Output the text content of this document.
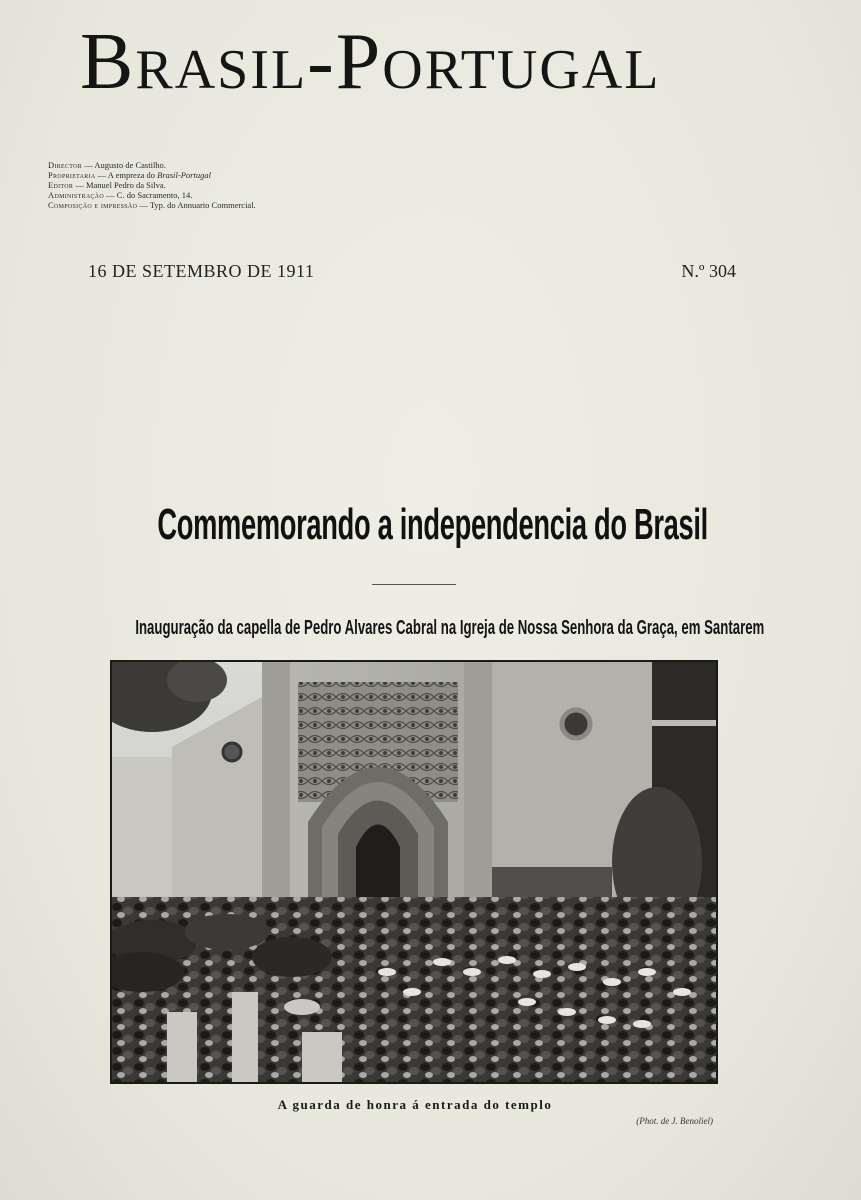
Brasil-Portugal
Director — Augusto de Castilho.
Proprietaria — A empreza do Brasil-Portugal
Editor — Manuel Pedro da Silva.
Administração — C. do Sacramento, 14.
Composição e impressão — Typ. do Annuario Commercial.
16 DE SETEMBRO DE 1911	N.º 304
Commemorando a independencia do Brasil
Inauguração da capella de Pedro Alvares Cabral na Igreja de Nossa Senhora da Graça, em Santarem
A guarda de honra á entrada do templo
(Phot. de J. Benoliel)
